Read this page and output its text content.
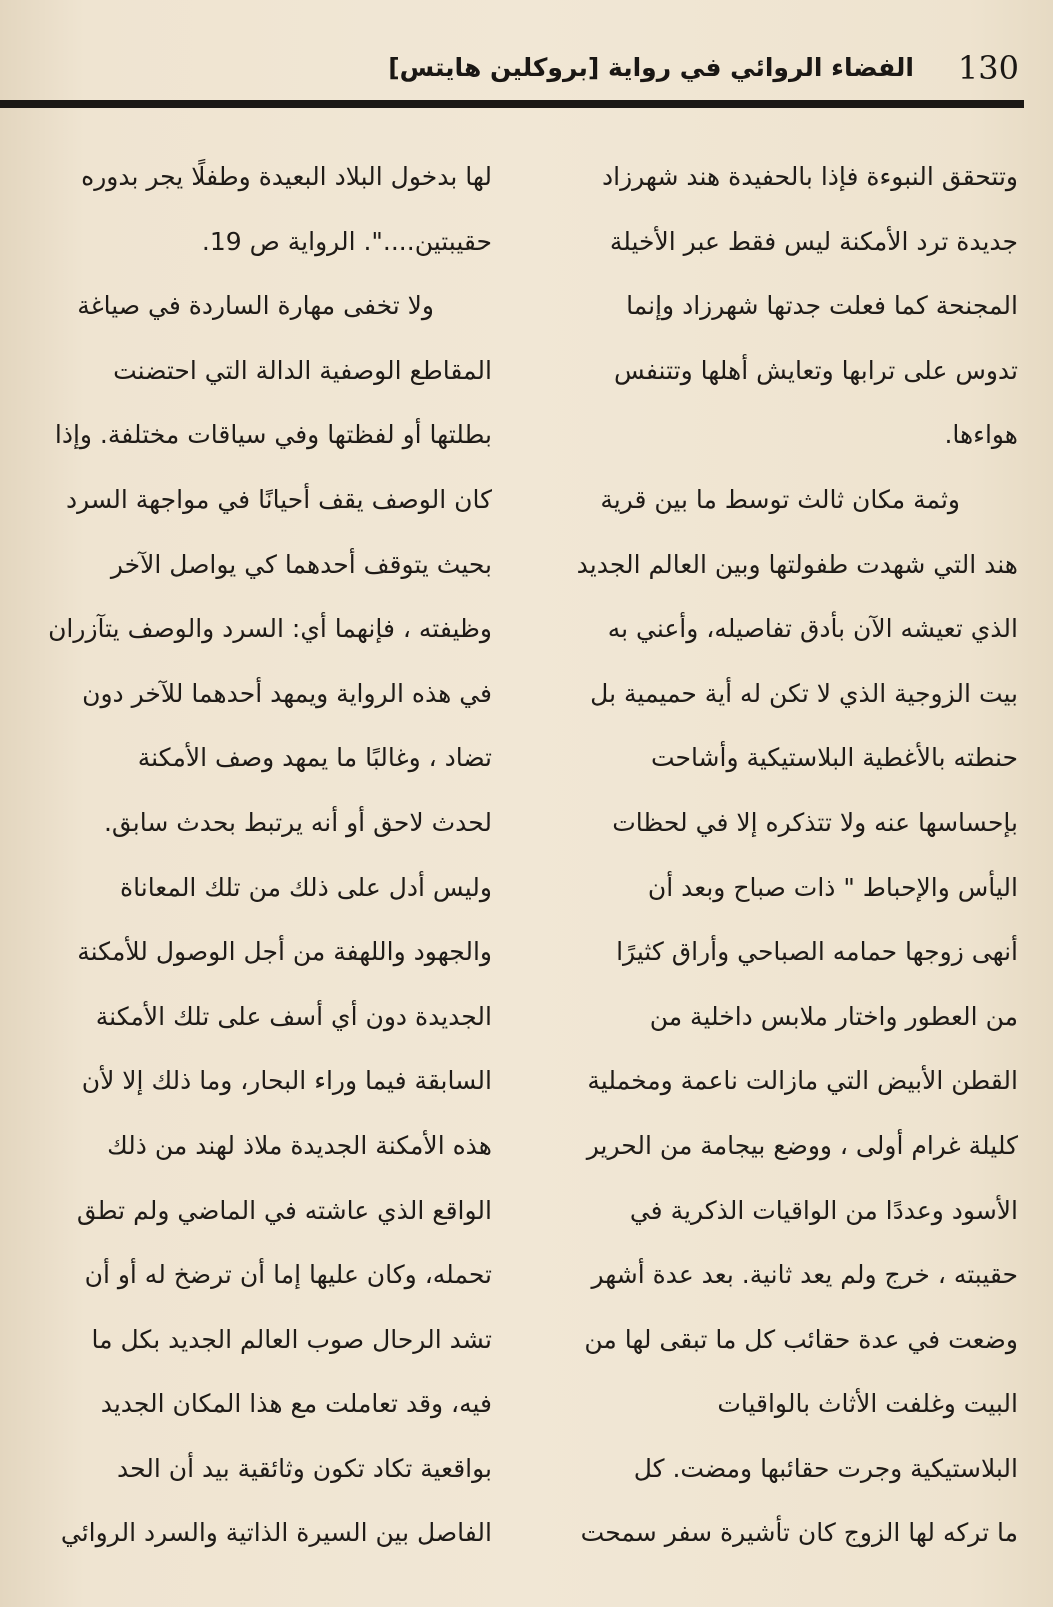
130
الفضاء الروائي في رواية [بروكلين هايتس]
وتتحقق النبوءة فإذا بالحفيدة هند شهرزاد
جديدة ترد الأمكنة ليس فقط عبر الأخيلة
المجنحة كما فعلت جدتها شهرزاد وإنما
تدوس على ترابها وتعايش أهلها وتتنفس
هواءها.
وثمة مكان ثالث توسط ما بين قرية
هند التي شهدت طفولتها وبين العالم الجديد
الذي تعيشه الآن بأدق تفاصيله، وأعني به
بيت الزوجية الذي لا تكن له أية حميمية بل
حنطته بالأغطية البلاستيكية وأشاحت
بإحساسها عنه ولا تتذكره إلا في لحظات
اليأس والإحباط " ذات صباح وبعد أن
أنهى زوجها حمامه الصباحي وأراق كثيرًا
من العطور واختار ملابس داخلية من
القطن الأبيض التي مازالت ناعمة ومخملية
كليلة غرام أولى ، ووضع بيجامة من الحرير
الأسود وعددًا من الواقيات الذكرية في
حقيبته ، خرج ولم يعد ثانية. بعد عدة أشهر
وضعت في عدة حقائب كل ما تبقى لها من
البيت وغلفت الأثاث بالواقيات
البلاستيكية وجرت حقائبها ومضت. كل
ما تركه لها الزوج كان تأشيرة سفر سمحت
لها بدخول البلاد البعيدة وطفلًا يجر بدوره
حقيبتين....". الرواية ص 19.
ولا تخفى مهارة الساردة في صياغة
المقاطع الوصفية الدالة التي احتضنت
بطلتها أو لفظتها وفي سياقات مختلفة. وإذا
كان الوصف يقف أحيانًا في مواجهة السرد
بحيث يتوقف أحدهما كي يواصل الآخر
وظيفته ، فإنهما أي: السرد والوصف يتآزران
في هذه الرواية ويمهد أحدهما للآخر دون
تضاد ، وغالبًا ما يمهد وصف الأمكنة
لحدث لاحق أو أنه يرتبط بحدث سابق.
وليس أدل على ذلك من تلك المعاناة
والجهود واللهفة من أجل الوصول للأمكنة
الجديدة دون أي أسف على تلك الأمكنة
السابقة فيما وراء البحار، وما ذلك إلا لأن
هذه الأمكنة الجديدة ملاذ لهند من ذلك
الواقع الذي عاشته في الماضي ولم تطق
تحمله، وكان عليها إما أن ترضخ له أو أن
تشد الرحال صوب العالم الجديد بكل ما
فيه، وقد تعاملت مع هذا المكان الجديد
بواقعية تكاد تكون وثائقية بيد أن الحد
الفاصل بين السيرة الذاتية والسرد الروائي
